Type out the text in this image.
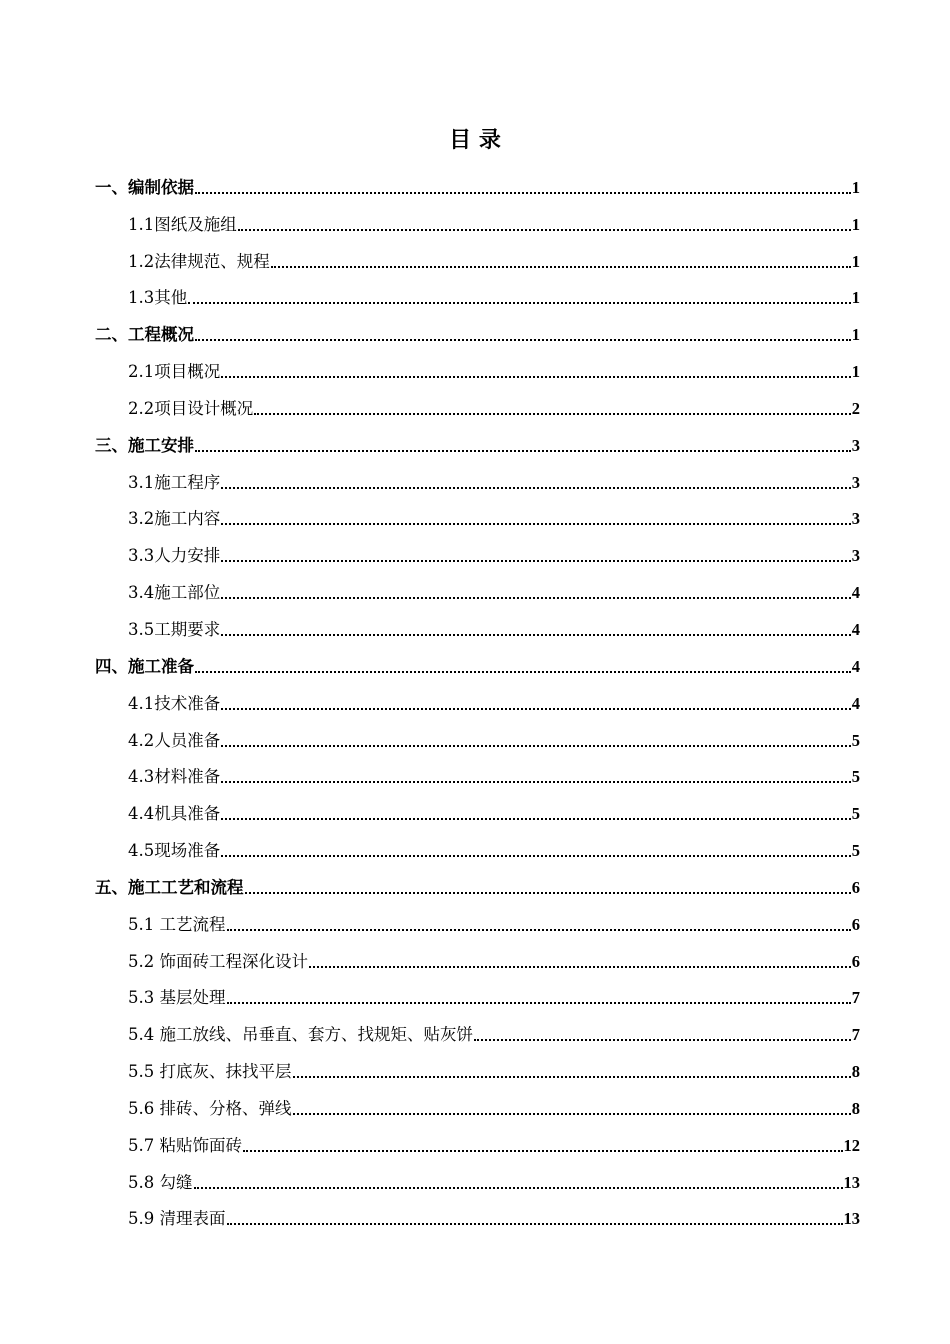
目 录
一、编制依据	1
1.1图纸及施组	1
1.2法律规范、规程	1
1.3其他	1
二、工程概况	1
2.1项目概况	1
2.2项目设计概况	2
三、施工安排	3
3.1施工程序	3
3.2施工内容	3
3.3人力安排	3
3.4施工部位	4
3.5工期要求	4
四、施工准备	4
4.1技术准备	4
4.2人员准备	5
4.3材料准备	5
4.4机具准备	5
4.5现场准备	5
五、施工工艺和流程	6
5.1 工艺流程	6
5.2 饰面砖工程深化设计	6
5.3 基层处理	7
5.4 施工放线、吊垂直、套方、找规矩、贴灰饼	7
5.5 打底灰、抹找平层	8
5.6 排砖、分格、弹线	8
5.7 粘贴饰面砖	12
5.8 勾缝	13
5.9 清理表面	13
